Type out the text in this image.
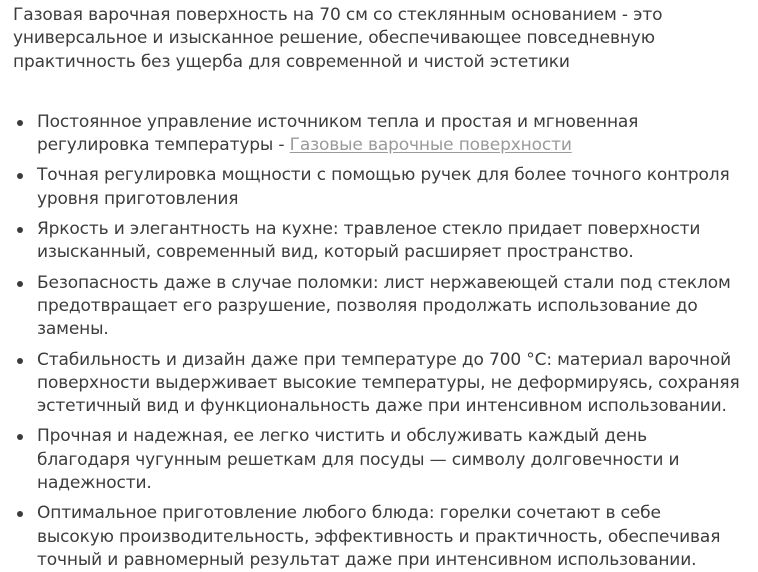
Газовая варочная поверхность на 70 см со стеклянным основанием - это универсальное и изысканное решение, обеспечивающее повседневную практичность без ущерба для современной и чистой эстетики

Постоянное управление источником тепла и простая и мгновенная регулировка температуры - Газовые варочные поверхности
Точная регулировка мощности с помощью ручек для более точного контроля уровня приготовления
Яркость и элегантность на кухне: травленое стекло придает поверхности изысканный, современный вид, который расширяет пространство.
Безопасность даже в случае поломки: лист нержавеющей стали под стеклом предотвращает его разрушение, позволяя продолжать использование до замены.
Стабильность и дизайн даже при температуре до 700 °C: материал варочной поверхности выдерживает высокие температуры, не деформируясь, сохраняя эстетичный вид и функциональность даже при интенсивном использовании.
Прочная и надежная, ее легко чистить и обслуживать каждый день благодаря чугунным решеткам для посуды — символу долговечности и надежности.
Оптимальное приготовление любого блюда: горелки сочетают в себе высокую производительность, эффективность и практичность, обеспечивая точный и равномерный результат даже при интенсивном использовании.
